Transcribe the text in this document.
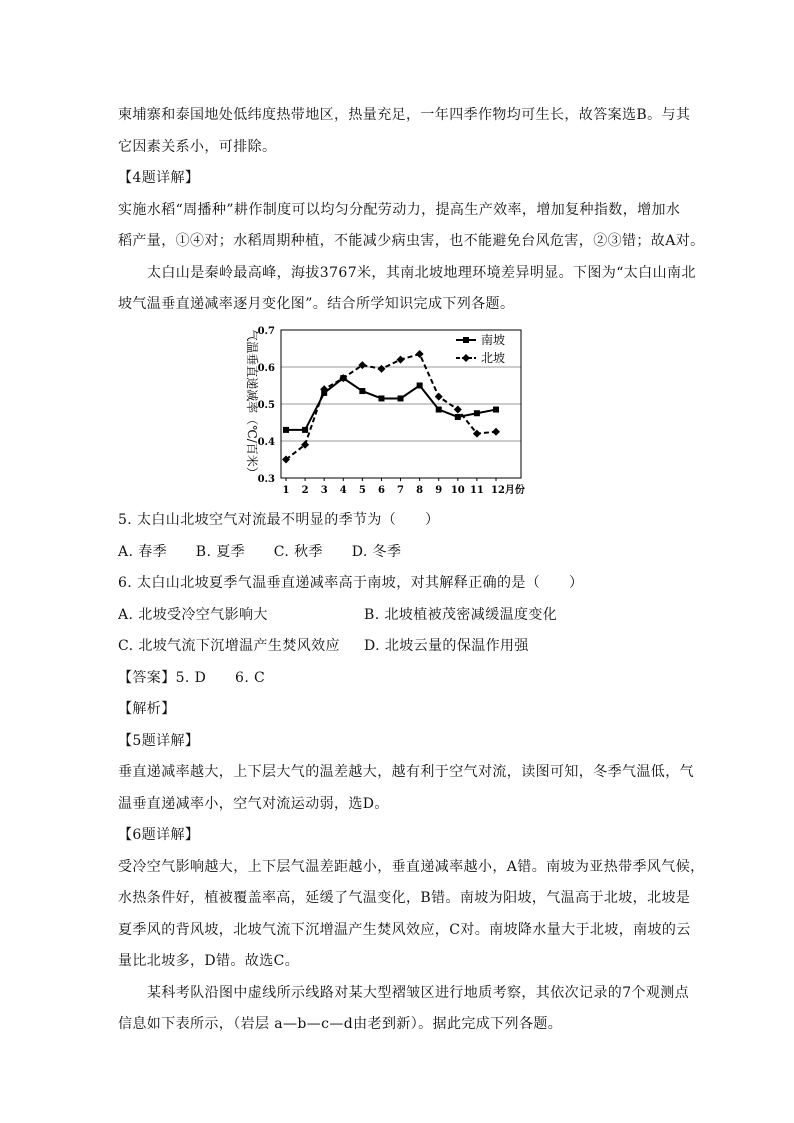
柬埔寨和泰国地处低纬度热带地区，热量充足，一年四季作物均可生长，故答案选B。与其
它因素关系小，可排除。
【4题详解】
实施水稻“周播种”耕作制度可以均匀分配劳动力，提高生产效率，增加复种指数，增加水
稻产量，①④对；水稻周期种植，不能减少病虫害，也不能避免台风危害，②③错；故A对。
太白山是秦岭最高峰，海拔3767米，其南北坡地理环境差异明显。下图为“太白山南北
坡气温垂直递减率逐月变化图”。结合所学知识完成下列各题。
0.3
0.4
0.5
0.6
0.7
1 2 3 4 5 6 7 8 9 10 11 12月份
气温垂直递减率（℃/百米）	南坡
北坡
5. 太白山北坡空气对流最不明显的季节为（　　）
A. 春季　　B. 夏季　　C. 秋季　　D. 冬季
6. 太白山北坡夏季气温垂直递减率高于南坡，对其解释正确的是（　　）
A. 北坡受冷空气影响大	B. 北坡植被茂密减缓温度变化
C. 北坡气流下沉增温产生焚风效应 D. 北坡云量的保温作用强
【答案】5. D　　6. C
【解析】
【5题详解】
垂直递减率越大，上下层大气的温差越大，越有利于空气对流，读图可知，冬季气温低，气
温垂直递减率小，空气对流运动弱，选D。
【6题详解】
受冷空气影响越大，上下层气温差距越小，垂直递减率越小，A错。南坡为亚热带季风气候，
水热条件好，植被覆盖率高，延缓了气温变化，B错。南坡为阳坡，气温高于北坡，北坡是
夏季风的背风坡，北坡气流下沉增温产生焚风效应，C对。南坡降水量大于北坡，南坡的云
量比北坡多，D错。故选C。
某科考队沿图中虚线所示线路对某大型褶皱区进行地质考察，其依次记录的7个观测点
信息如下表所示，（岩层 a—b—c—d由老到新）。据此完成下列各题。
